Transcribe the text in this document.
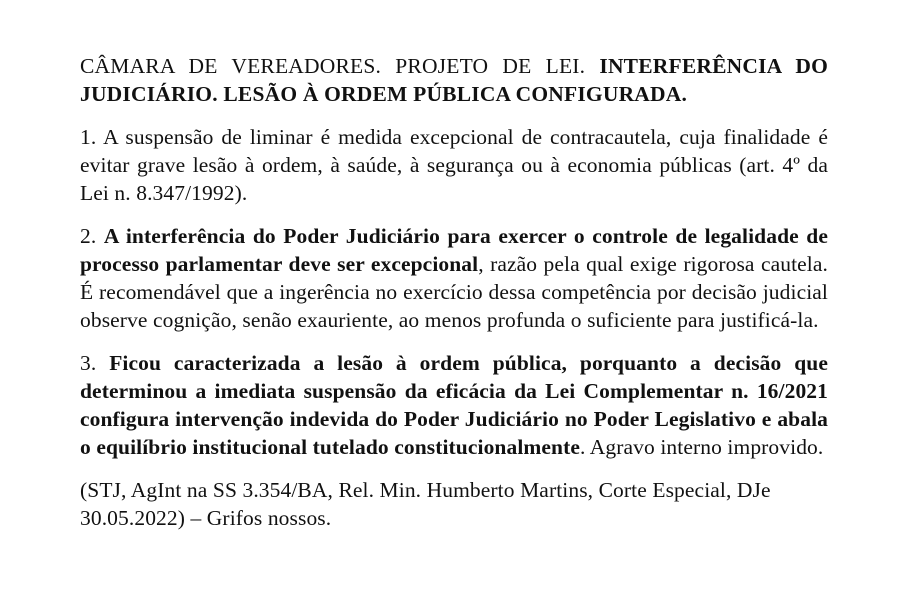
CÂMARA DE VEREADORES. PROJETO DE LEI. INTERFERÊNCIA DO JUDICIÁRIO. LESÃO À ORDEM PÚBLICA CONFIGURADA.

1. A suspensão de liminar é medida excepcional de contracautela, cuja finalidade é evitar grave lesão à ordem, à saúde, à segurança ou à economia públicas (art. 4º da Lei n. 8.347/1992).

2. A interferência do Poder Judiciário para exercer o controle de legalidade de processo parlamentar deve ser excepcional, razão pela qual exige rigorosa cautela. É recomendável que a ingerência no exercício dessa competência por decisão judicial observe cognição, senão exauriente, ao menos profunda o suficiente para justificá-la.

3. Ficou caracterizada a lesão à ordem pública, porquanto a decisão que determinou a imediata suspensão da eficácia da Lei Complementar n. 16/2021 configura intervenção indevida do Poder Judiciário no Poder Legislativo e abala o equilíbrio institucional tutelado constitucionalmente. Agravo interno improvido.

(STJ, AgInt na SS 3.354/BA, Rel. Min. Humberto Martins, Corte Especial, DJe 30.05.2022) – Grifos nossos.
